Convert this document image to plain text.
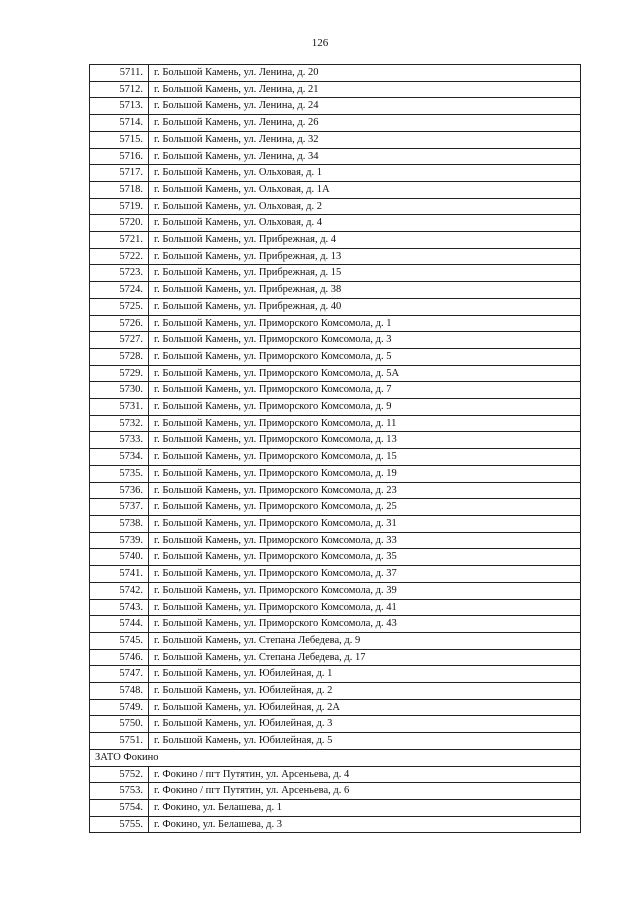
126
5711.	г. Большой Камень, ул. Ленина, д. 20
5712.	г. Большой Камень, ул. Ленина, д. 21
5713.	г. Большой Камень, ул. Ленина, д. 24
5714.	г. Большой Камень, ул. Ленина, д. 26
5715.	г. Большой Камень, ул. Ленина, д. 32
5716.	г. Большой Камень, ул. Ленина, д. 34
5717.	г. Большой Камень, ул. Ольховая, д. 1
5718.	г. Большой Камень, ул. Ольховая, д. 1А
5719.	г. Большой Камень, ул. Ольховая, д. 2
5720.	г. Большой Камень, ул. Ольховая, д. 4
5721.	г. Большой Камень, ул. Прибрежная, д. 4
5722.	г. Большой Камень, ул. Прибрежная, д. 13
5723.	г. Большой Камень, ул. Прибрежная, д. 15
5724.	г. Большой Камень, ул. Прибрежная, д. 38
5725.	г. Большой Камень, ул. Прибрежная, д. 40
5726.	г. Большой Камень, ул. Приморского Комсомола, д. 1
5727.	г. Большой Камень, ул. Приморского Комсомола, д. 3
5728.	г. Большой Камень, ул. Приморского Комсомола, д. 5
5729.	г. Большой Камень, ул. Приморского Комсомола, д. 5А
5730.	г. Большой Камень, ул. Приморского Комсомола, д. 7
5731.	г. Большой Камень, ул. Приморского Комсомола, д. 9
5732.	г. Большой Камень, ул. Приморского Комсомола, д. 11
5733.	г. Большой Камень, ул. Приморского Комсомола, д. 13
5734.	г. Большой Камень, ул. Приморского Комсомола, д. 15
5735.	г. Большой Камень, ул. Приморского Комсомола, д. 19
5736.	г. Большой Камень, ул. Приморского Комсомола, д. 23
5737.	г. Большой Камень, ул. Приморского Комсомола, д. 25
5738.	г. Большой Камень, ул. Приморского Комсомола, д. 31
5739.	г. Большой Камень, ул. Приморского Комсомола, д. 33
5740.	г. Большой Камень, ул. Приморского Комсомола, д. 35
5741.	г. Большой Камень, ул. Приморского Комсомола, д. 37
5742.	г. Большой Камень, ул. Приморского Комсомола, д. 39
5743.	г. Большой Камень, ул. Приморского Комсомола, д. 41
5744.	г. Большой Камень, ул. Приморского Комсомола, д. 43
5745.	г. Большой Камень, ул. Степана Лебедева, д. 9
5746.	г. Большой Камень, ул. Степана Лебедева, д. 17
5747.	г. Большой Камень, ул. Юбилейная, д. 1
5748.	г. Большой Камень, ул. Юбилейная, д. 2
5749.	г. Большой Камень, ул. Юбилейная, д. 2А
5750.	г. Большой Камень, ул. Юбилейная, д. 3
5751.	г. Большой Камень, ул. Юбилейная, д. 5
ЗАТО Фокино	
5752.	г. Фокино / пгт Путятин, ул. Арсеньева, д. 4
5753.	г. Фокино / пгт Путятин, ул. Арсеньева, д. 6
5754.	г. Фокино, ул. Белашева, д. 1
5755.	г. Фокино, ул. Белашева, д. 3
